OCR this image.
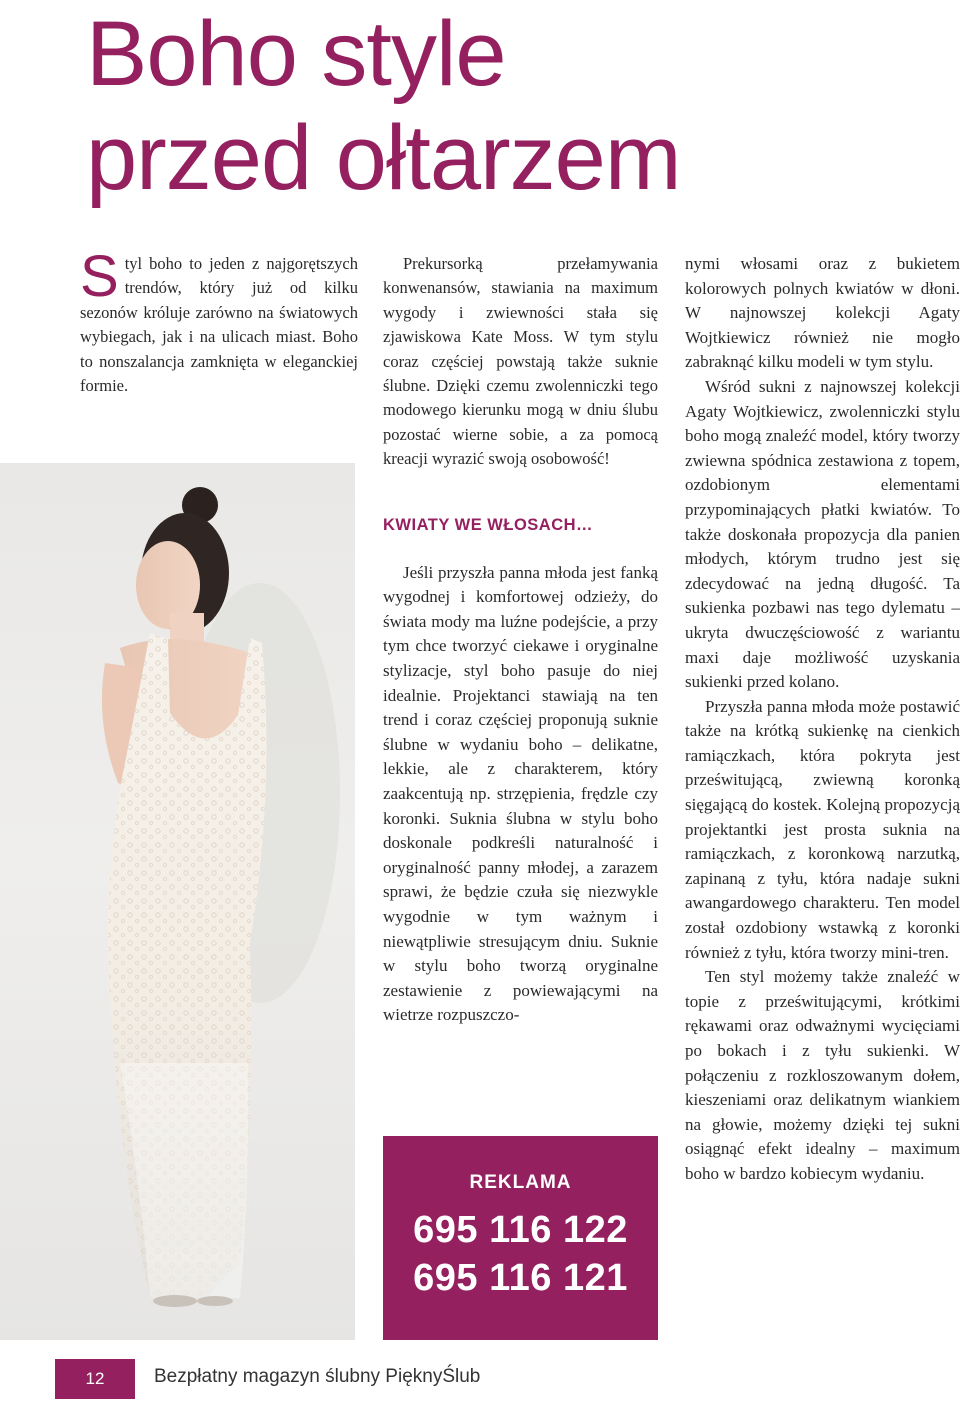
Boho style
przed ołtarzem

Styl boho to jeden z najgorętszych trendów, który już od kilku sezonów króluje zarówno na światowych wybiegach, jak i na ulicach miast. Boho to nonszalancja zamknięta w eleganckiej formie.

Prekursorką przełamywania konwenansów, stawiania na maximum wygody i zwiewności stała się zjawiskowa Kate Moss. W tym stylu coraz częściej powstają także suknie ślubne. Dzięki czemu zwolenniczki tego modowego kierunku mogą w dniu ślubu pozostać wierne sobie, a za pomocą kreacji wyrazić swoją osobowość!

KWIATY WE WŁOSACH…

Jeśli przyszła panna młoda jest fanką wygodnej i komfortowej odzieży, do świata mody ma luźne podejście, a przy tym chce tworzyć ciekawe i oryginalne stylizacje, styl boho pasuje do niej idealnie. Projektanci stawiają na ten trend i coraz częściej proponują suknie ślubne w wydaniu boho – delikatne, lekkie, ale z charakterem, który zaakcentują np. strzępienia, frędzle czy koronki. Suknia ślubna w stylu boho doskonale podkreśli naturalność i oryginalność panny młodej, a zarazem sprawi, że będzie czuła się niezwykle wygodnie w tym ważnym i niewątpliwie stresującym dniu. Suknie w stylu boho tworzą oryginalne zestawienie z powiewającymi na wietrze rozpuszczo-

REKLAMA
695 116 122
695 116 121

nymi włosami oraz z bukietem kolorowych polnych kwiatów w dłoni. W najnowszej kolekcji Agaty Wojtkiewicz również nie mogło zabraknąć kilku modeli w tym stylu.

Wśród sukni z najnowszej kolekcji Agaty Wojtkiewicz, zwolenniczki stylu boho mogą znaleźć model, który tworzy zwiewna spódnica zestawiona z topem, ozdobionym elementami przypominających płatki kwiatów. To także doskonała propozycja dla panien młodych, którym trudno jest się zdecydować na jedną długość. Ta sukienka pozbawi nas tego dylematu – ukryta dwuczęściowość z wariantu maxi daje możliwość uzyskania sukienki przed kolano.

Przyszła panna młoda może postawić także na krótką sukienkę na cienkich ramiączkach, która pokryta jest prześwitującą, zwiewną koronką sięgającą do kostek. Kolejną propozycją projektantki jest prosta suknia na ramiączkach, z koronkową narzutką, zapinaną z tyłu, która nadaje sukni awangardowego charakteru. Ten model został ozdobiony wstawką z koronki również z tyłu, która tworzy mini-tren.

Ten styl możemy także znaleźć w topie z prześwitującymi, krótkimi rękawami oraz odważnymi wycięciami po bokach i z tyłu sukienki. W połączeniu z rozkloszowanym dołem, kieszeniami oraz delikatnym wiankiem na głowie, możemy dzięki tej sukni osiągnąć efekt idealny – maximum boho w bardzo kobiecym wydaniu.

12	Bezpłatny magazyn ślubny PięknyŚlub
